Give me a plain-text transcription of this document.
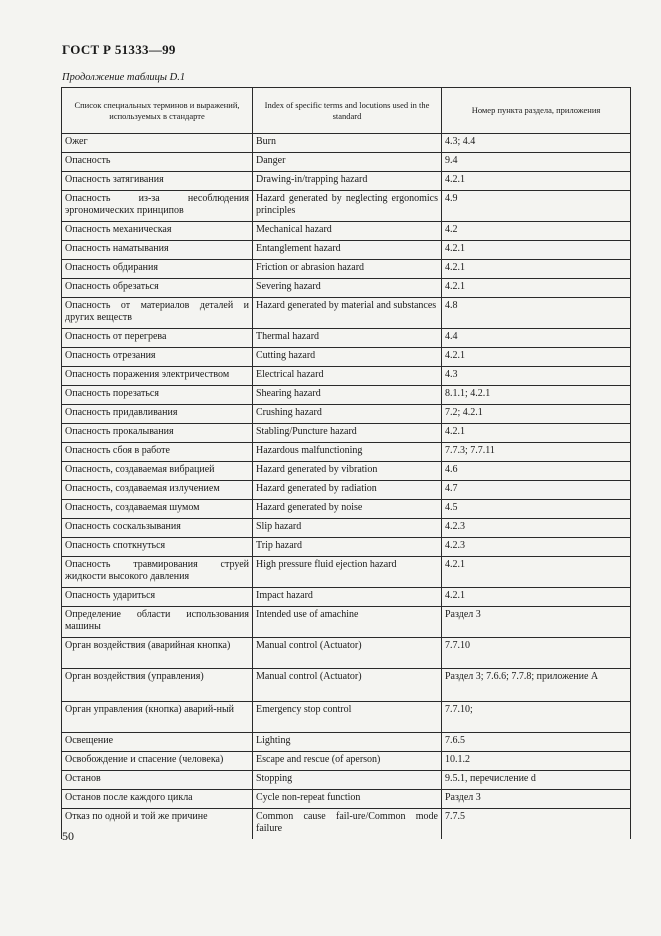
ГОСТ Р 51333—99
Продолжение таблицы D.1
Список специальных терминов и выражений, используемых в стандарте	Index of specific terms and locutions used in the standard	Номер пункта раздела, приложения
Ожег	Burn	4.3; 4.4
Опасность	Danger	9.4
Опасность затягивания	Drawing-in/trapping hazard	4.2.1
Опасность из-за несоблюдения эргономических принципов	Hazard generated by neglecting ergonomics principles	4.9
Опасность механическая	Mechanical hazard	4.2
Опасность наматывания	Entanglement hazard	4.2.1
Опасность обдирания	Friction or abrasion hazard	4.2.1
Опасность обрезаться	Severing hazard	4.2.1
Опасность от материалов деталей и других веществ	Hazard generated by material and substances	4.8
Опасность от перегрева	Thermal hazard	4.4
Опасность отрезания	Cutting hazard	4.2.1
Опасность поражения электричеством	Electrical hazard	4.3
Опасность порезаться	Shearing hazard	8.1.1; 4.2.1
Опасность придавливания	Crushing hazard	7.2; 4.2.1
Опасность прокалывания	Stabling/Puncture hazard	4.2.1
Опасность сбоя в работе	Hazardous malfunctioning	7.7.3; 7.7.11
Опасность, создаваемая вибрацией	Hazard generated by vibration	4.6
Опасность, создаваемая излучением	Hazard generated by radiation	4.7
Опасность, создаваемая шумом	Hazard generated by noise	4.5
Опасность соскальзывания	Slip hazard	4.2.3
Опасность споткнуться	Trip hazard	4.2.3
Опасность травмирования струей жидкости высокого давления	High pressure fluid ejection hazard	4.2.1
Опасность удариться	Impact hazard	4.2.1
Определение области использования машины	Intended use of amachine	Раздел 3
Орган воздействия (аварийная кнопка)	Manual control (Actuator)	7.7.10
Орган воздействия (управления)	Manual control (Actuator)	Раздел 3; 7.6.6; 7.7.8; приложение А
Орган управления (кнопка) аварий-ный	Emergency stop control	7.7.10;
Освещение	Lighting	7.6.5
Освобождение и спасение (человека)	Escape and rescue (of aperson)	10.1.2
Останов	Stopping	9.5.1, перечисление d
Останов после каждого цикла	Cycle non-repeat function	Раздел 3
Отказ по одной и той же причине	Common cause fail-ure/Common mode failure	7.7.5
50
